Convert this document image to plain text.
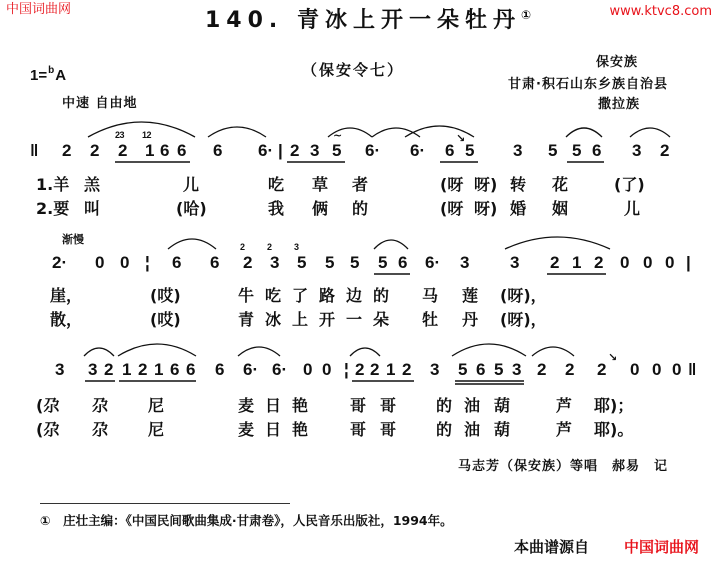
中国词曲网	www.ktvc8.com
140. 青冰上开一朵牡丹①
1=$^b$A	（保安令七）	保安族
甘肃·积石山东乡族自治县
撒拉族
中速 自由地
马志芳（保安族）等唱　郝易　记
①　庄壮主编：《中国民间歌曲集成·甘肃卷》，人民音乐出版社，1994年。
本曲谱源自 中国词曲网
‖ 2 2 2
23
1
12
6 6 6 6· | 2 3 5
~
6· 6· 6
↘
5 3 5 5 6 3 2
1.羊 羔	儿	吃 草 者	(呀 呀) 转 花	(了)
2.要 叫	(哈)	我 俩 的	(呀 呀) 婚 姻	儿
2· 0 0 ¦ 6 6 2
2
3
2
5
3
5 5 5 6 6· 3 3 2 1 2 0 0 0 |
崖，	(哎)	牛 吃 了 路 边 的 马 莲 (呀)，
散，	(哎)	青 冰 上 开 一 朵 牡 丹 (呀)，
渐慢
3 3 2 1 2 1 6 6 6 6· 6· 0 0 ¦ 2 2 1 2 3 5 6 5 3 2 2 2
↘
0 0 0 ‖
(尕 尕 尼	麦 日 艳	哥 哥 的 油 葫	芦 耶)；
(尕 尕 尼	麦 日 艳	哥 哥 的 油 葫	芦 耶)。
